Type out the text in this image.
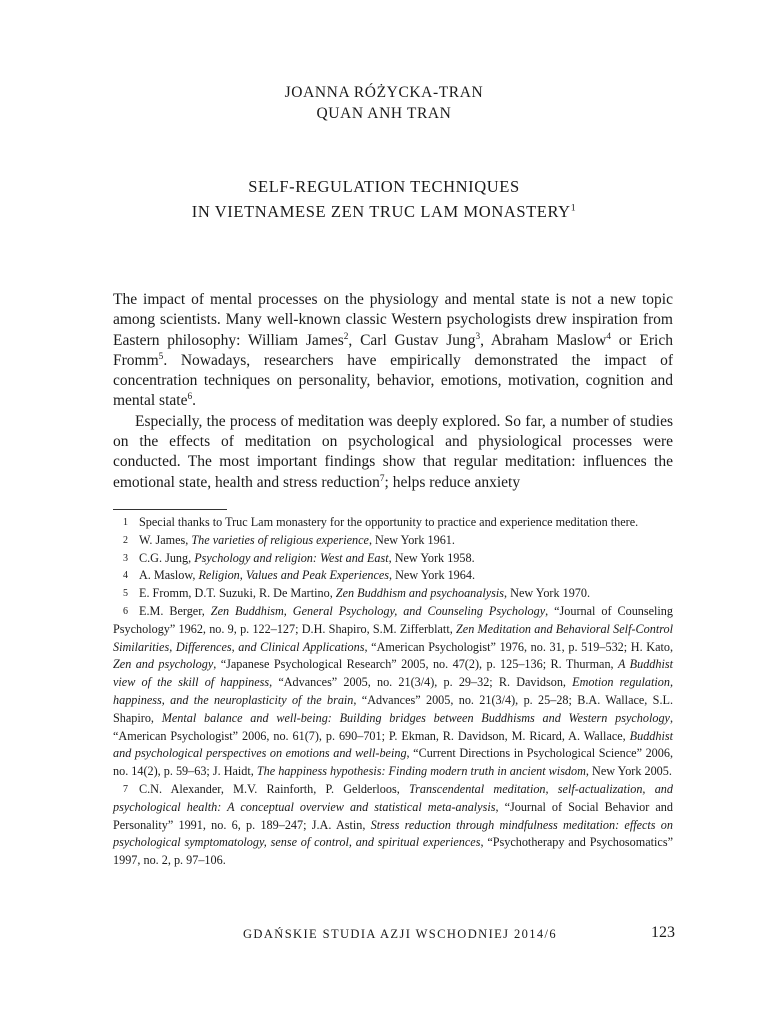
JOANNA RÓŻYCKA-TRAN
QUAN ANH TRAN
SELF-REGULATION TECHNIQUES
IN VIETNAMESE ZEN TRUC LAM MONASTERY$^1$

The impact of mental processes on the physiology and mental state is not a new topic among scientists. Many well-known classic Western psychologists drew inspiration from Eastern philosophy: William James$^2$, Carl Gustav Jung$^3$, Abraham Maslow$^4$ or Erich Fromm$^5$. Nowadays, researchers have empirically demonstrated the impact of concentration techniques on personality, behavior, emotions, motivation, cognition and mental state$^6$.

Especially, the process of meditation was deeply explored. So far, a number of studies on the effects of meditation on psychological and physiological processes were conducted. The most important findings show that regular meditation: influences the emotional state, health and stress reduction$^7$; helps reduce anxiety

1 Special thanks to Truc Lam monastery for the opportunity to practice and experience meditation there.

2 W. James, The varieties of religious experience, New York 1961.

3 C.G. Jung, Psychology and religion: West and East, New York 1958.

4 A. Maslow, Religion, Values and Peak Experiences, New York 1964.

5 E. Fromm, D.T. Suzuki, R. De Martino, Zen Buddhism and psychoanalysis, New York 1970.

6 E.M. Berger, Zen Buddhism, General Psychology, and Counseling Psychology, “Journal of Counseling Psychology” 1962, no. 9, p. 122–127; D.H. Shapiro, S.M. Zifferblatt, Zen Meditation and Behavioral Self-Control Similarities, Differences, and Clinical Applications, “American Psychologist” 1976, no. 31, p. 519–532; H. Kato, Zen and psychology, “Japanese Psychological Research” 2005, no. 47(2), p. 125–136; R. Thurman, A Buddhist view of the skill of happiness, “Advances” 2005, no. 21(3/4), p. 29–32; R. Davidson, Emotion regulation, happiness, and the neuroplasticity of the brain, “Advances” 2005, no. 21(3/4), p. 25–28; B.A. Wallace, S.L. Shapiro, Mental balance and well-being: Building bridges between Buddhisms and Western psychology, “American Psychologist” 2006, no. 61(7), p. 690–701; P. Ekman, R. Davidson, M. Ricard, A. Wallace, Buddhist and psychological perspectives on emotions and well-being, “Current Directions in Psychological Science” 2006, no. 14(2), p. 59–63; J. Haidt, The happiness hypothesis: Finding modern truth in ancient wisdom, New York 2005.

7 C.N. Alexander, M.V. Rainforth, P. Gelderloos, Transcendental meditation, self-actualization, and psychological health: A conceptual overview and statistical meta-analysis, “Journal of Social Behavior and Personality” 1991, no. 6, p. 189–247; J.A. Astin, Stress reduction through mindfulness meditation: effects on psychological symptomatology, sense of control, and spiritual experiences, “Psychotherapy and Psychosomatics” 1997, no. 2, p. 97–106.

GDAŃSKIE STUDIA AZJI WSCHODNIEJ 2014/6	123
